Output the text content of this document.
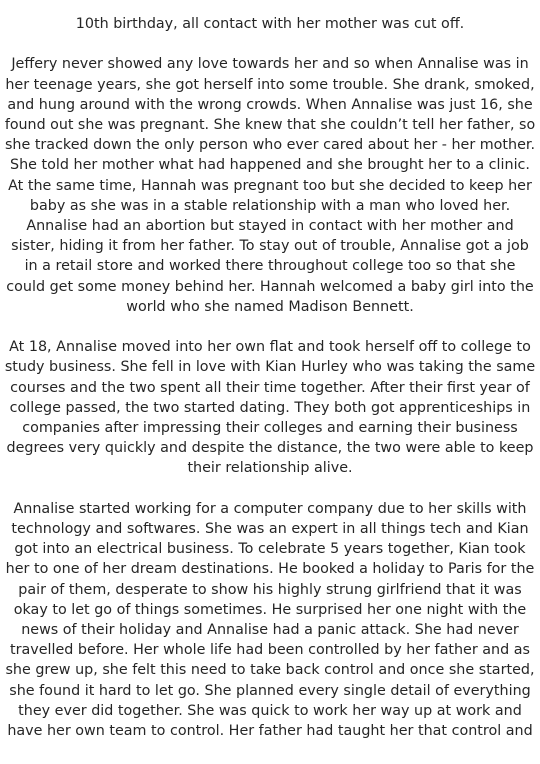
10th birthday, all contact with her mother was cut off.
Jeffery never showed any love towards her and so when Annalise was in
her teenage years, she got herself into some trouble. She drank, smoked,
and hung around with the wrong crowds. When Annalise was just 16, she
found out she was pregnant. She knew that she couldn’t tell her father, so
she tracked down the only person who ever cared about her - her mother.
She told her mother what had happened and she brought her to a clinic.
At the same time, Hannah was pregnant too but she decided to keep her
baby as she was in a stable relationship with a man who loved her.
Annalise had an abortion but stayed in contact with her mother and
sister, hiding it from her father. To stay out of trouble, Annalise got a job
in a retail store and worked there throughout college too so that she
could get some money behind her. Hannah welcomed a baby girl into the
world who she named Madison Bennett.
At 18, Annalise moved into her own flat and took herself off to college to
study business. She fell in love with Kian Hurley who was taking the same
courses and the two spent all their time together. After their first year of
college passed, the two started dating. They both got apprenticeships in
companies after impressing their colleges and earning their business
degrees very quickly and despite the distance, the two were able to keep
their relationship alive.
Annalise started working for a computer company due to her skills with
technology and softwares. She was an expert in all things tech and Kian
got into an electrical business. To celebrate 5 years together, Kian took
her to one of her dream destinations. He booked a holiday to Paris for the
pair of them, desperate to show his highly strung girlfriend that it was
okay to let go of things sometimes. He surprised her one night with the
news of their holiday and Annalise had a panic attack. She had never
travelled before. Her whole life had been controlled by her father and as
she grew up, she felt this need to take back control and once she started,
she found it hard to let go. She planned every single detail of everything
they ever did together. She was quick to work her way up at work and
have her own team to control. Her father had taught her that control and
